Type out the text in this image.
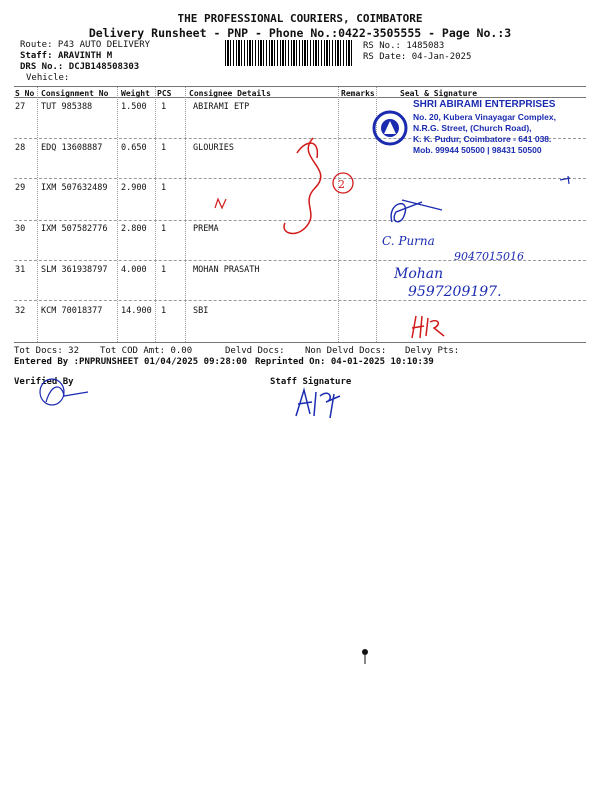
THE PROFESSIONAL COURIERS, COIMBATORE
Delivery Runsheet - PNP - Phone No.:0422-3505555 - Page No.:3
Route: P43 AUTO DELIVERY
Staff: ARAVINTH M
DRS No.: DCJB148508303
Vehicle:
RS No.: 1485083
RS Date: 04-Jan-2025
S No Consignment No Weight PCS Consignee Details	Remarks	Seal & Signature
27 TUT 985388	1.500 1	ABIRAMI ETP
28 EDQ 13608887 0.650 1	GLOURIES
29 IXM 507632489 2.900 1
30 IXM 507582776 2.800 1	PREMA
31 SLM 361938797 4.000 1	MOHAN PRASATH
32 KCM 70018377 14.900 1	SBI
SHRI ABIRAMI ENTERPRISES
No. 20, Kubera Vinayagar Complex,
N.R.G. Street, (Church Road),
K. K. Pudur, Coimbatore - 641 038.
Mob. 99944 50500 | 98431 50500
2
C. Purna
9047015016
Mohan
9597209197.
Tot Docs: 32 Tot COD Amt: 0.00	Delvd Docs: Non Delvd Docs: Delvy Pts:
Entered By :PNPRUNSHEET 01/04/2025 09:28:00 Reprinted On: 04-01-2025 10:10:39
Verified By	Staff Signature
